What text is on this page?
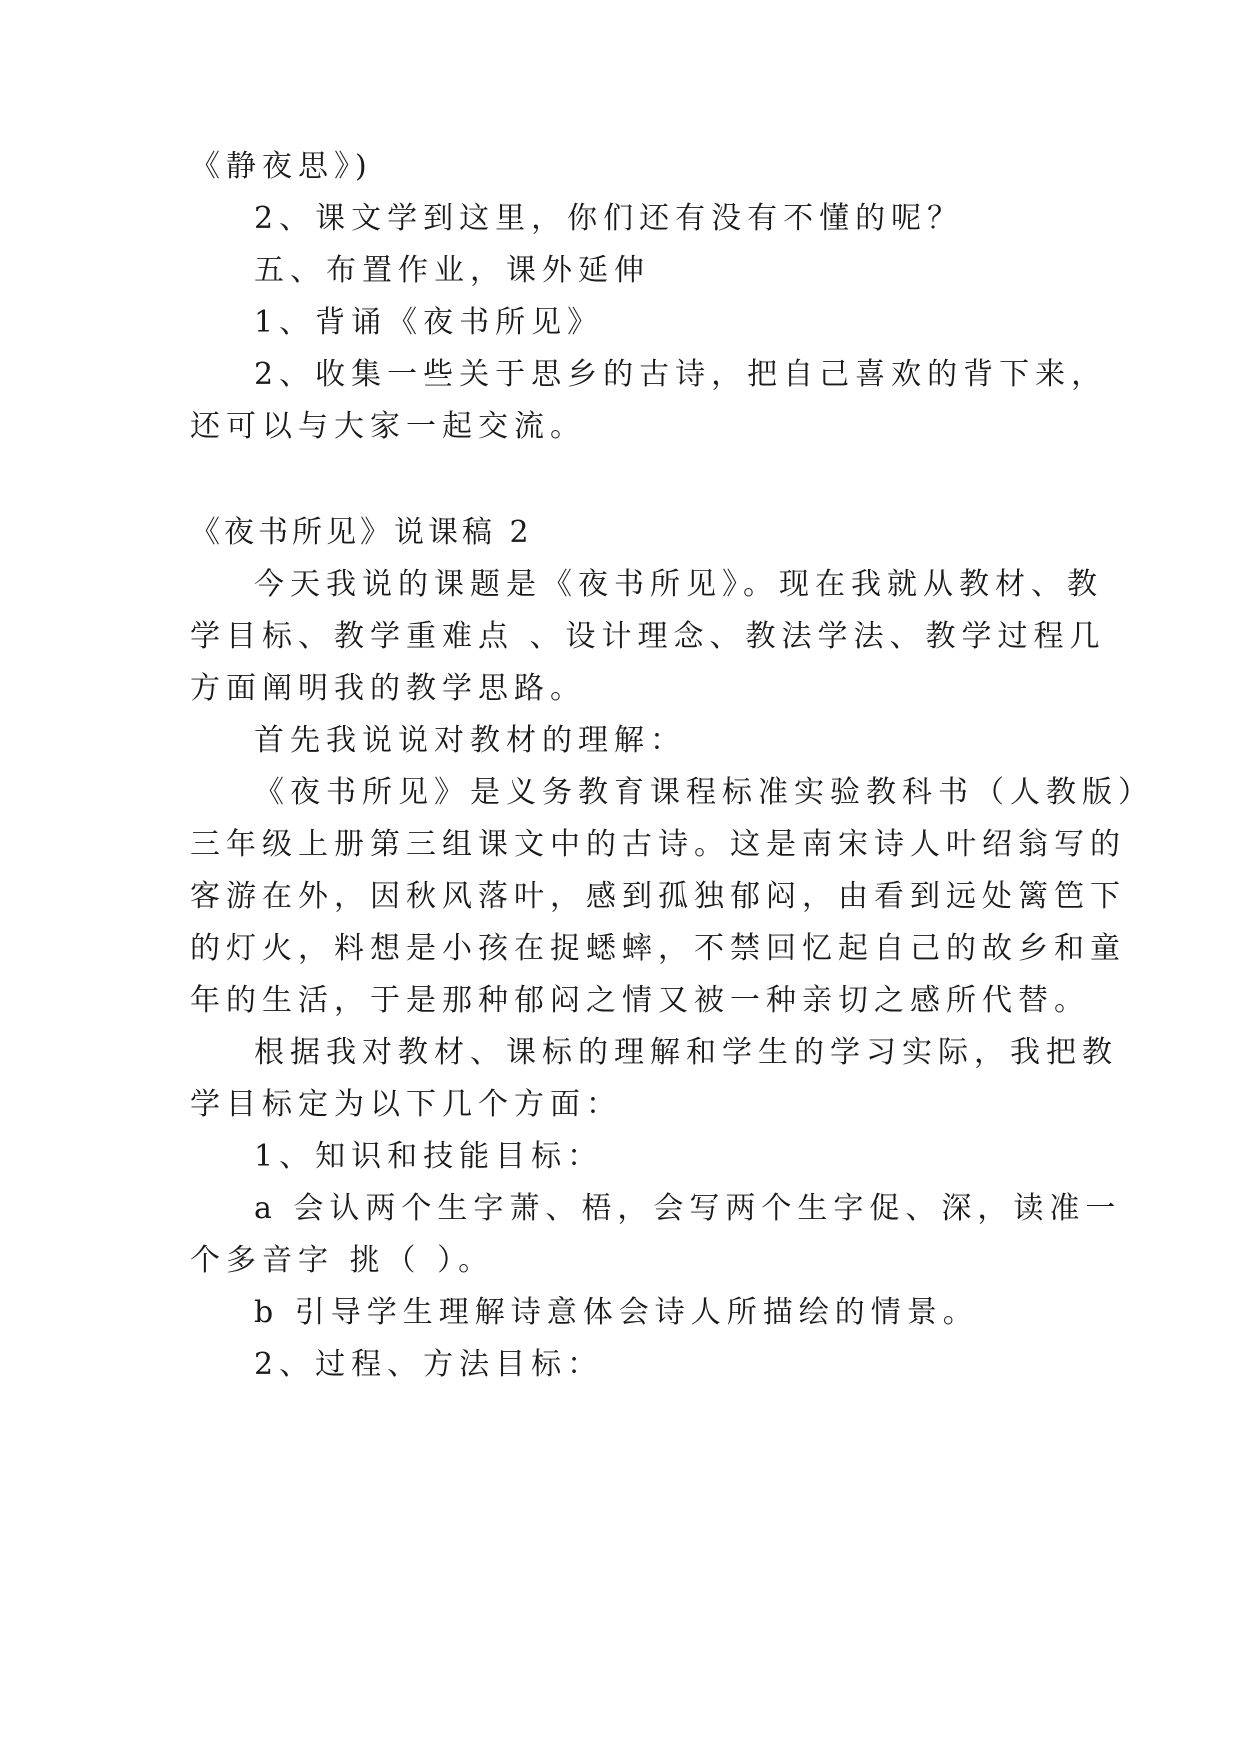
《静夜思》)

2、课文学到这里，你们还有没有不懂的呢？

五、布置作业，课外延伸

1、背诵《夜书所见》

2、收集一些关于思乡的古诗，把自己喜欢的背下来，

还可以与大家一起交流。

《夜书所见》说课稿 2

今天我说的课题是《夜书所见》。现在我就从教材、教

学目标、教学重难点 、设计理念、教法学法、教学过程几

方面阐明我的教学思路。

首先我说说对教材的理解：

《夜书所见》是义务教育课程标准实验教科书（人教版）

三年级上册第三组课文中的古诗。这是南宋诗人叶绍翁写的

客游在外，因秋风落叶，感到孤独郁闷，由看到远处篱笆下

的灯火，料想是小孩在捉蟋蟀，不禁回忆起自己的故乡和童

年的生活，于是那种郁闷之情又被一种亲切之感所代替。

根据我对教材、课标的理解和学生的学习实际，我把教

学目标定为以下几个方面：

1、知识和技能目标：

a 会认两个生字萧、梧，会写两个生字促、深，读准一

个多音字 挑（ ）。

b 引导学生理解诗意体会诗人所描绘的情景。

2、过程、方法目标：
